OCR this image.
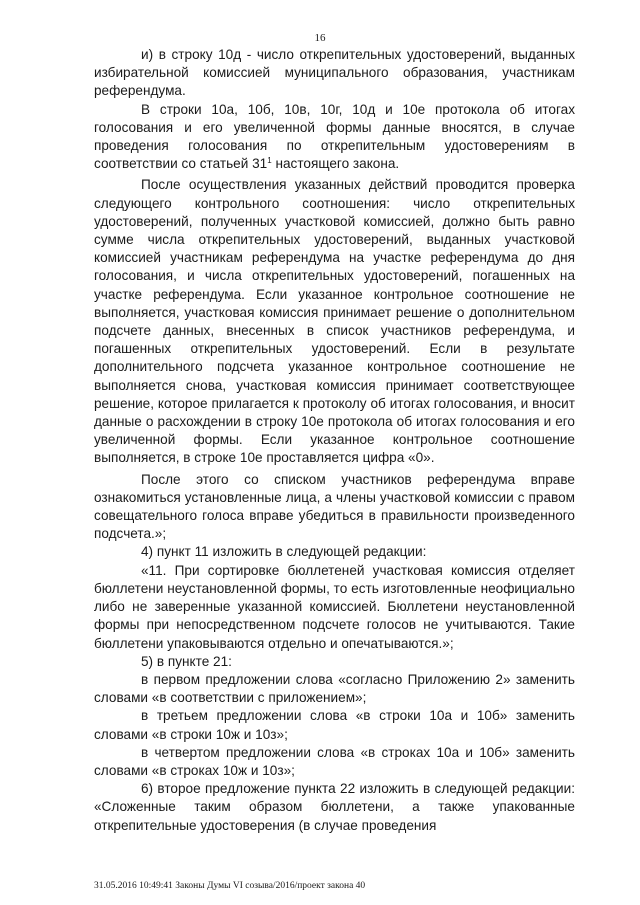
16

и) в строку 10д - число открепительных удостоверений, выданных избирательной комиссией муниципального образования, участникам референдума.

В строки 10а, 10б, 10в, 10г, 10д и 10е протокола об итогах голосования и его увеличенной формы данные вносятся, в случае проведения голосования по открепительным удостоверениям в соответствии со статьей $31^1$ настоящего закона.

После осуществления указанных действий проводится проверка следующего контрольного соотношения: число открепительных удостоверений, полученных участковой комиссией, должно быть равно сумме числа открепительных удостоверений, выданных участковой комиссией участникам референдума на участке референдума до дня голосования, и числа открепительных удостоверений, погашенных на участке референдума. Если указанное контрольное соотношение не выполняется, участковая комиссия принимает решение о дополнительном подсчете данных, внесенных в список участников референдума, и погашенных открепительных удостоверений. Если в результате дополнительного подсчета указанное контрольное соотношение не выполняется снова, участковая комиссия принимает соответствующее решение, которое прилагается к протоколу об итогах голосования, и вносит данные о расхождении в строку 10е протокола об итогах голосования и его увеличенной формы. Если указанное контрольное соотношение выполняется, в строке 10е проставляется цифра «0».

После этого со списком участников референдума вправе ознакомиться установленные лица, а члены участковой комиссии с правом совещательного голоса вправе убедиться в правильности произведенного подсчета.»;

4) пункт 11 изложить в следующей редакции:

«11. При сортировке бюллетеней участковая комиссия отделяет бюллетени неустановленной формы, то есть изготовленные неофициально либо не заверенные указанной комиссией. Бюллетени неустановленной формы при непосредственном подсчете голосов не учитываются. Такие бюллетени упаковываются отдельно и опечатываются.»;

5) в пункте 21:

в первом предложении слова «согласно Приложению 2» заменить словами «в соответствии с приложением»;

в третьем предложении слова «в строки 10а и 10б» заменить словами «в строки 10ж и 10з»;

в четвертом предложении слова «в строках 10а и 10б» заменить словами «в строках 10ж и 10з»;

6) второе предложение пункта 22 изложить в следующей редакции: «Сложенные таким образом бюллетени, а также упакованные открепительные удостоверения (в случае проведения

31.05.2016 10:49:41 Законы Думы VI созыва/2016/проект закона 40
